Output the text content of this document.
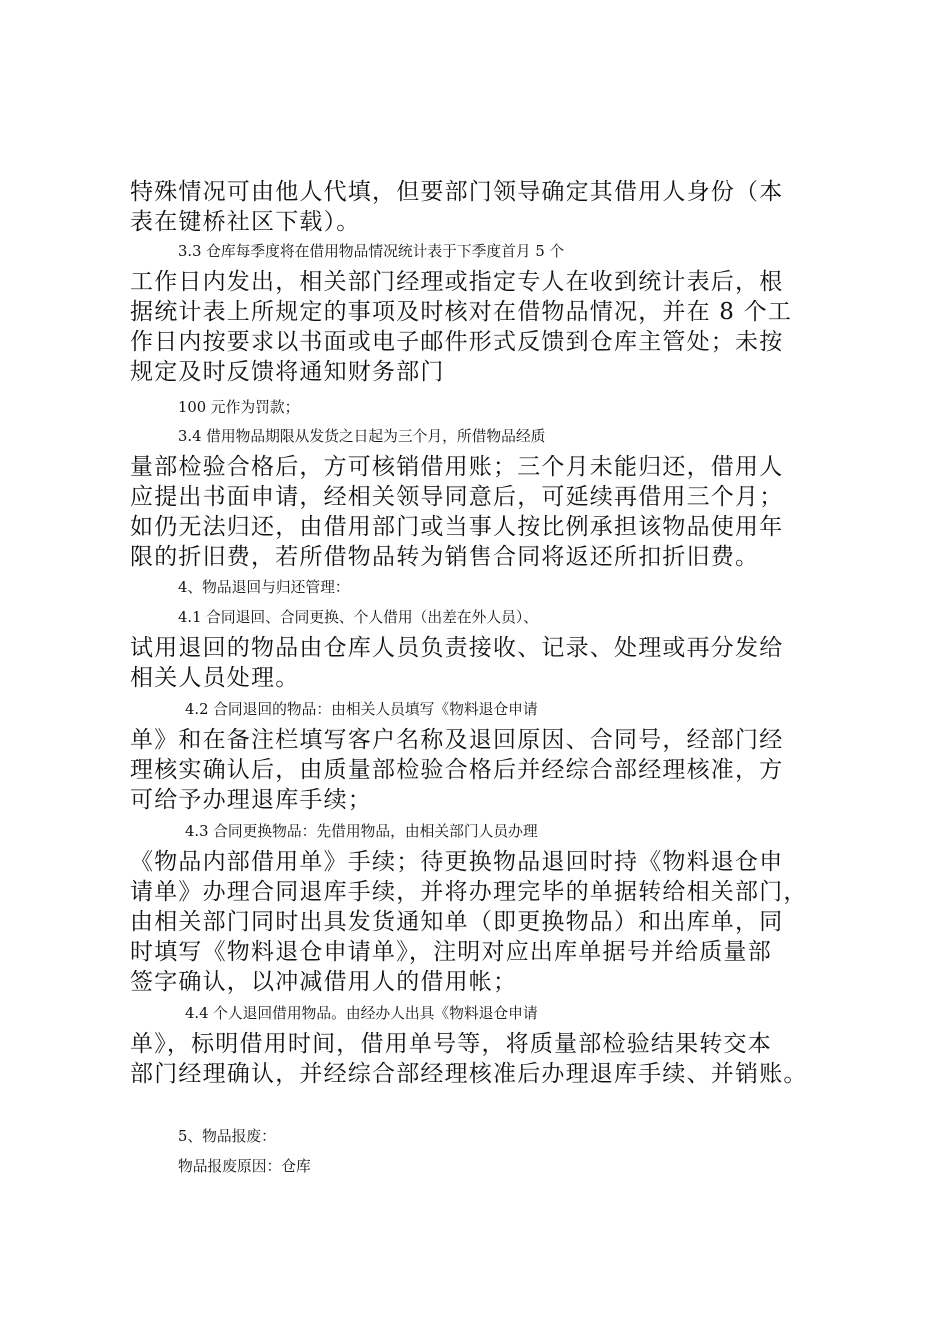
特殊情况可由他人代填，但要部门领导确定其借用人身份（本
表在键桥社区下载）。
3.3 仓库每季度将在借用物品情况统计表于下季度首月 5 个
工作日内发出，相关部门经理或指定专人在收到统计表后，根
据统计表上所规定的事项及时核对在借物品情况，并在 8 个工
作日内按要求以书面或电子邮件形式反馈到仓库主管处；未按
规定及时反馈将通知财务部门
100 元作为罚款；
3.4 借用物品期限从发货之日起为三个月，所借物品经质
量部检验合格后，方可核销借用账；三个月未能归还，借用人
应提出书面申请，经相关领导同意后，可延续再借用三个月；
如仍无法归还，由借用部门或当事人按比例承担该物品使用年
限的折旧费，若所借物品转为销售合同将返还所扣折旧费。
4、物品退回与归还管理：
4.1 合同退回、合同更换、个人借用（出差在外人员）、
试用退回的物品由仓库人员负责接收、记录、处理或再分发给
相关人员处理。
4.2 合同退回的物品：由相关人员填写《物料退仓申请
单》和在备注栏填写客户名称及退回原因、合同号，经部门经
理核实确认后，由质量部检验合格后并经综合部经理核准，方
可给予办理退库手续；
4.3 合同更换物品：先借用物品，由相关部门人员办理
《物品内部借用单》手续；待更换物品退回时持《物料退仓申
请单》办理合同退库手续，并将办理完毕的单据转给相关部门，
由相关部门同时出具发货通知单（即更换物品）和出库单，同
时填写《物料退仓申请单》，注明对应出库单据号并给质量部
签字确认，以冲减借用人的借用帐；
4.4 个人退回借用物品。由经办人出具《物料退仓申请
单》，标明借用时间，借用单号等，将质量部检验结果转交本
部门经理确认，并经综合部经理核准后办理退库手续、并销账。
5、物品报废：
物品报废原因：仓库
